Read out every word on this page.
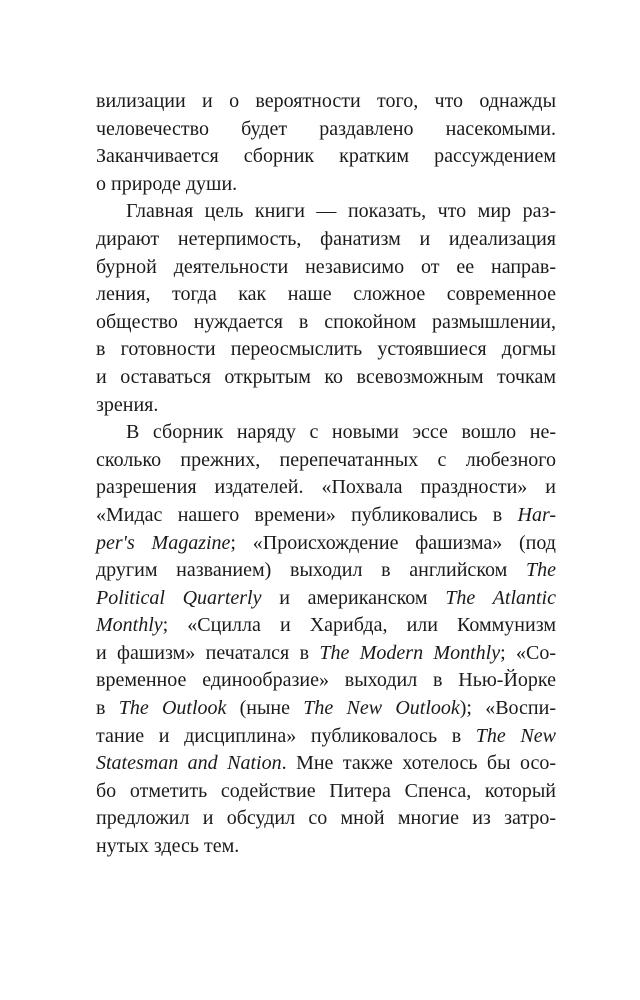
вилизации и о вероятности того, что однажды
человечество будет раздавлено насекомыми.
Заканчивается сборник кратким рассуждением
о природе души.
Главная цель книги — показать, что мир раз-
дирают нетерпимость, фанатизм и идеализация
бурной деятельности независимо от ее направ-
ления, тогда как наше сложное современное
общество нуждается в спокойном размышлении,
в готовности переосмыслить устоявшиеся догмы
и оставаться открытым ко всевозможным точкам
зрения.
В сборник наряду с новыми эссе вошло не-
сколько прежних, перепечатанных с любезного
разрешения издателей. «Похвала праздности» и
«Мидас нашего времени» публиковались в Har-
per's Magazine; «Происхождение фашизма» (под
другим названием) выходил в английском The
Political Quarterly и американском The Atlantic
Monthly; «Сцилла и Харибда, или Коммунизм
и фашизм» печатался в The Modern Monthly; «Со-
временное единообразие» выходил в Нью-Йорке
в The Outlook (ныне The New Outlook); «Воспи-
тание и дисциплина» публиковалось в The New
Statesman and Nation. Мне также хотелось бы осо-
бо отметить содействие Питера Спенса, который
предложил и обсудил со мной многие из затро-
нутых здесь тем.
